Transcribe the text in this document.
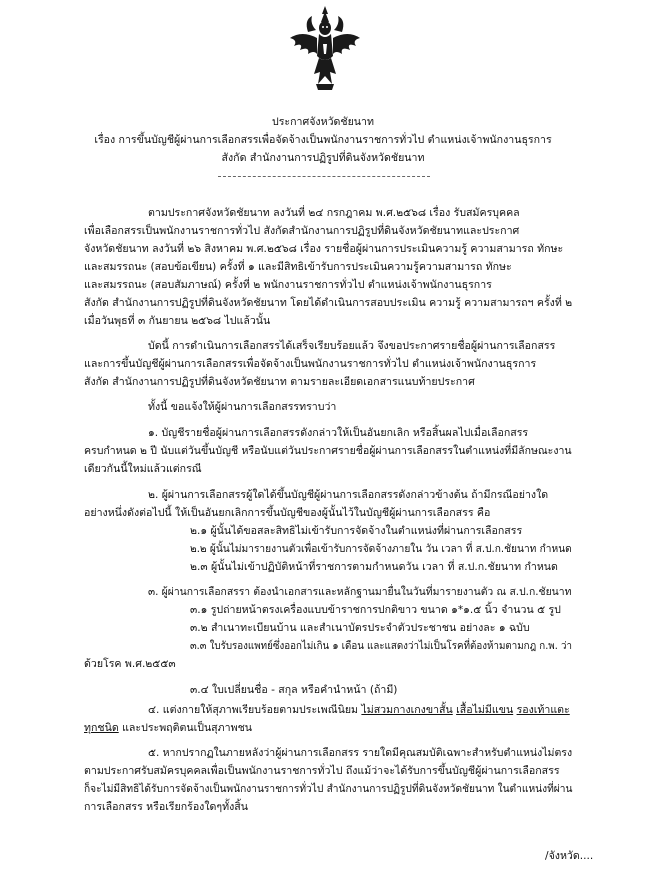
ประกาศจังหวัดชัยนาท
เรื่อง การขึ้นบัญชีผู้ผ่านการเลือกสรรเพื่อจัดจ้างเป็นพนักงานราชการทั่วไป ตำแหน่งเจ้าพนักงานธุรการ
สังกัด สำนักงานการปฏิรูปที่ดินจังหวัดชัยนาท
ตามประกาศจังหวัดชัยนาท ลงวันที่ ๒๔ กรกฎาคม พ.ศ.๒๕๖๘ เรื่อง รับสมัครบุคคล
เพื่อเลือกสรรเป็นพนักงานราชการทั่วไป สังกัดสำนักงานการปฏิรูปที่ดินจังหวัดชัยนาทและประกาศ
จังหวัดชัยนาท ลงวันที่ ๒๖ สิงหาคม พ.ศ.๒๕๖๘ เรื่อง รายชื่อผู้ผ่านการประเมินความรู้ ความสามารถ ทักษะ
และสมรรถนะ (สอบข้อเขียน) ครั้งที่ ๑ และมีสิทธิเข้ารับการประเมินความรู้ความสามารถ ทักษะ
และสมรรถนะ (สอบสัมภาษณ์) ครั้งที่ ๒ พนักงานราชการทั่วไป ตำแหน่งเจ้าพนักงานธุรการ
สังกัด สำนักงานการปฏิรูปที่ดินจังหวัดชัยนาท โดยได้ดำเนินการสอบประเมิน ความรู้ ความสามารถฯ ครั้งที่ ๒
เมื่อวันพุธที่ ๓ กันยายน ๒๕๖๘ ไปแล้วนั้น
บัดนี้ การดำเนินการเลือกสรรได้เสร็จเรียบร้อยแล้ว จึงขอประกาศรายชื่อผู้ผ่านการเลือกสรร
และการขึ้นบัญชีผู้ผ่านการเลือกสรรเพื่อจัดจ้างเป็นพนักงานราชการทั่วไป ตำแหน่งเจ้าพนักงานธุรการ
สังกัด สำนักงานการปฏิรูปที่ดินจังหวัดชัยนาท ตามรายละเอียดเอกสารแนบท้ายประกาศ
ทั้งนี้ ขอแจ้งให้ผู้ผ่านการเลือกสรรทราบว่า
๑. บัญชีรายชื่อผู้ผ่านการเลือกสรรดังกล่าวให้เป็นอันยกเลิก หรือสิ้นผลไปเมื่อเลือกสรร
ครบกำหนด ๒ ปี นับแต่วันขึ้นบัญชี หรือนับแต่วันประกาศรายชื่อผู้ผ่านการเลือกสรรในตำแหน่งที่มีลักษณะงาน
เดียวกันนี้ใหม่แล้วแต่กรณี
๒. ผู้ผ่านการเลือกสรรผู้ใดได้ขึ้นบัญชีผู้ผ่านการเลือกสรรดังกล่าวข้างต้น ถ้ามีกรณีอย่างใด
อย่างหนึ่งดังต่อไปนี้ ให้เป็นอันยกเลิกการขึ้นบัญชีของผู้นั้นไว้ในบัญชีผู้ผ่านการเลือกสรร คือ
๒.๑ ผู้นั้นได้ขอสละสิทธิไม่เข้ารับการจัดจ้างในตำแหน่งที่ผ่านการเลือกสรร
๒.๒ ผู้นั้นไม่มารายงานตัวเพื่อเข้ารับการจัดจ้างภายใน วัน เวลา ที่ ส.ป.ก.ชัยนาท กำหนด
๒.๓ ผู้นั้นไม่เข้าปฏิบัติหน้าที่ราชการตามกำหนดวัน เวลา ที่ ส.ป.ก.ชัยนาท กำหนด
๓. ผู้ผ่านการเลือกสรรา ต้องนำเอกสารและหลักฐานมายื่นในวันที่มารายงานตัว ณ ส.ป.ก.ชัยนาท
๓.๑ รูปถ่ายหน้าตรงเครื่องแบบข้าราชการปกติขาว ขนาด ๑*๑.๕ นิ้ว จำนวน ๕ รูป
๓.๒ สำเนาทะเบียนบ้าน และสำเนาบัตรประจำตัวประชาชน อย่างละ ๑ ฉบับ
๓.๓ ใบรับรองแพทย์ซึ่งออกไม่เกิน ๑ เดือน และแสดงว่าไม่เป็นโรคที่ต้องห้ามตามกฎ ก.พ. ว่า
ด้วยโรค พ.ศ.๒๕๕๓
๓.๔ ใบเปลี่ยนชื่อ - สกุล หรือคำนำหน้า (ถ้ามี)
๔. แต่งกายให้สุภาพเรียบร้อยตามประเพณีนิยม ไม่สวมกางเกงขาสั้น เสื้อไม่มีแขน รองเท้าแตะ
ทุกชนิด และประพฤติตนเป็นสุภาพชน
๕. หากปรากฏในภายหลังว่าผู้ผ่านการเลือกสรร รายใดมีคุณสมบัติเฉพาะสำหรับตำแหน่งไม่ตรง
ตามประกาศรับสมัครบุคคลเพื่อเป็นพนักงานราชการทั่วไป ถึงแม้ว่าจะได้รับการขึ้นบัญชีผู้ผ่านการเลือกสรร
ก็จะไม่มีสิทธิได้รับการจัดจ้างเป็นพนักงานราชการทั่วไป สำนักงานการปฏิรูปที่ดินจังหวัดชัยนาท ในตำแหน่งที่ผ่าน
การเลือกสรร หรือเรียกร้องใดๆทั้งสิ้น
/จังหวัด....
